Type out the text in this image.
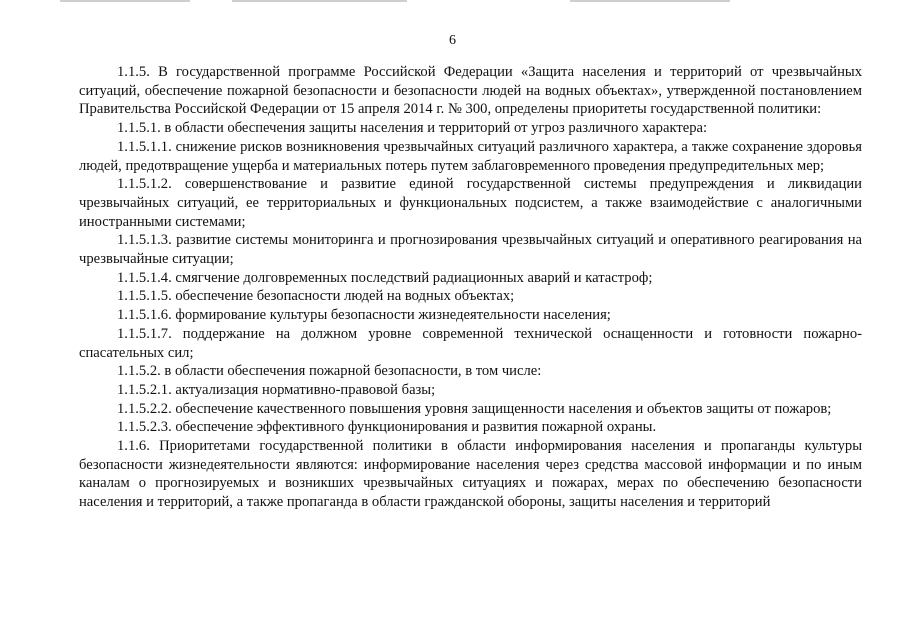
6

1.1.5. В государственной программе Российской Федерации «Защита населения и территорий от чрезвычайных ситуаций, обеспечение пожарной безопасности и безопасности людей на водных объектах», утвержденной постановлением Правительства Российской Федерации от 15 апреля 2014 г. № 300, определены приоритеты государственной политики:

1.1.5.1. в области обеспечения защиты населения и территорий от угроз различного характера:

1.1.5.1.1. снижение рисков возникновения чрезвычайных ситуаций различного характера, а также сохранение здоровья людей, предотвращение ущерба и материальных потерь путем заблаговременного проведения предупредительных мер;

1.1.5.1.2. совершенствование и развитие единой государственной системы предупреждения и ликвидации чрезвычайных ситуаций, ее территориальных и функциональных подсистем, а также взаимодействие с аналогичными иностранными системами;

1.1.5.1.3. развитие системы мониторинга и прогнозирования чрезвычайных ситуаций и оперативного реагирования на чрезвычайные ситуации;

1.1.5.1.4. смягчение долговременных последствий радиационных аварий и катастроф;

1.1.5.1.5. обеспечение безопасности людей на водных объектах;

1.1.5.1.6. формирование культуры безопасности жизнедеятельности населения;

1.1.5.1.7. поддержание на должном уровне современной технической оснащенности и готовности пожарно-спасательных сил;

1.1.5.2. в области обеспечения пожарной безопасности, в том числе:

1.1.5.2.1. актуализация нормативно-правовой базы;

1.1.5.2.2. обеспечение качественного повышения уровня защищенности населения и объектов защиты от пожаров;

1.1.5.2.3. обеспечение эффективного функционирования и развития пожарной охраны.

1.1.6. Приоритетами государственной политики в области информирования населения и пропаганды культуры безопасности жизнедеятельности являются: информирование населения через средства массовой информации и по иным каналам о прогнозируемых и возникших чрезвычайных ситуациях и пожарах, мерах по обеспечению безопасности населения и территорий, а также пропаганда в области гражданской обороны, защиты населения и территорий
